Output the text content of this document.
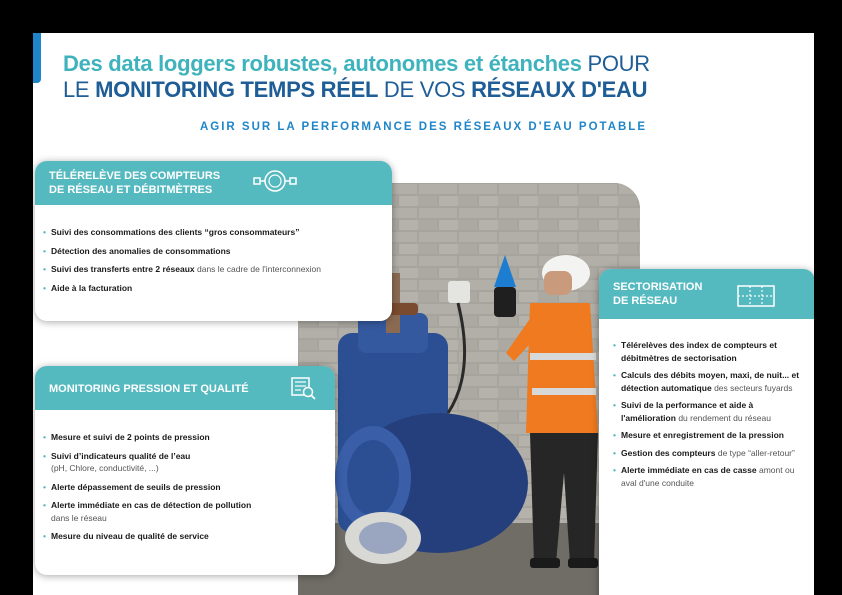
Des data loggers robustes, autonomes et étanches POUR
LE MONITORING TEMPS RÉEL DE VOS RÉSEAUX D'EAU
AGIR SUR LA PERFORMANCE DES RÉSEAUX D'EAU POTABLE
TÉLÉRELÈVE DES COMPTEURS
DE RÉSEAU ET DÉBITMÈTRES
• Suivi des consommations des clients “gros consommateurs”
• Détection des anomalies de consommations
• Suivi des transferts entre 2 réseaux dans le cadre de l'interconnexion
• Aide à la facturation
MONITORING PRESSION ET QUALITÉ
• Mesure et suivi de 2 points de pression
• Suivi d’indicateurs qualité de l’eau
(pH, Chlore, conductivité, ...)
• Alerte dépassement de seuils de pression
• Alerte immédiate en cas de détection de pollution
dans le réseau
• Mesure du niveau de qualité de service
SECTORISATION
DE RÉSEAU
• Télérelèves des index de compteurs et débitmètres de sectorisation
• Calculs des débits moyen, maxi, de nuit... et détection automatique des secteurs fuyards
• Suivi de la performance et aide à l'amélioration du rendement du réseau
• Mesure et enregistrement de la pression
• Gestion des compteurs de type “aller-retour”
• Alerte immédiate en cas de casse amont ou aval d'une conduite
